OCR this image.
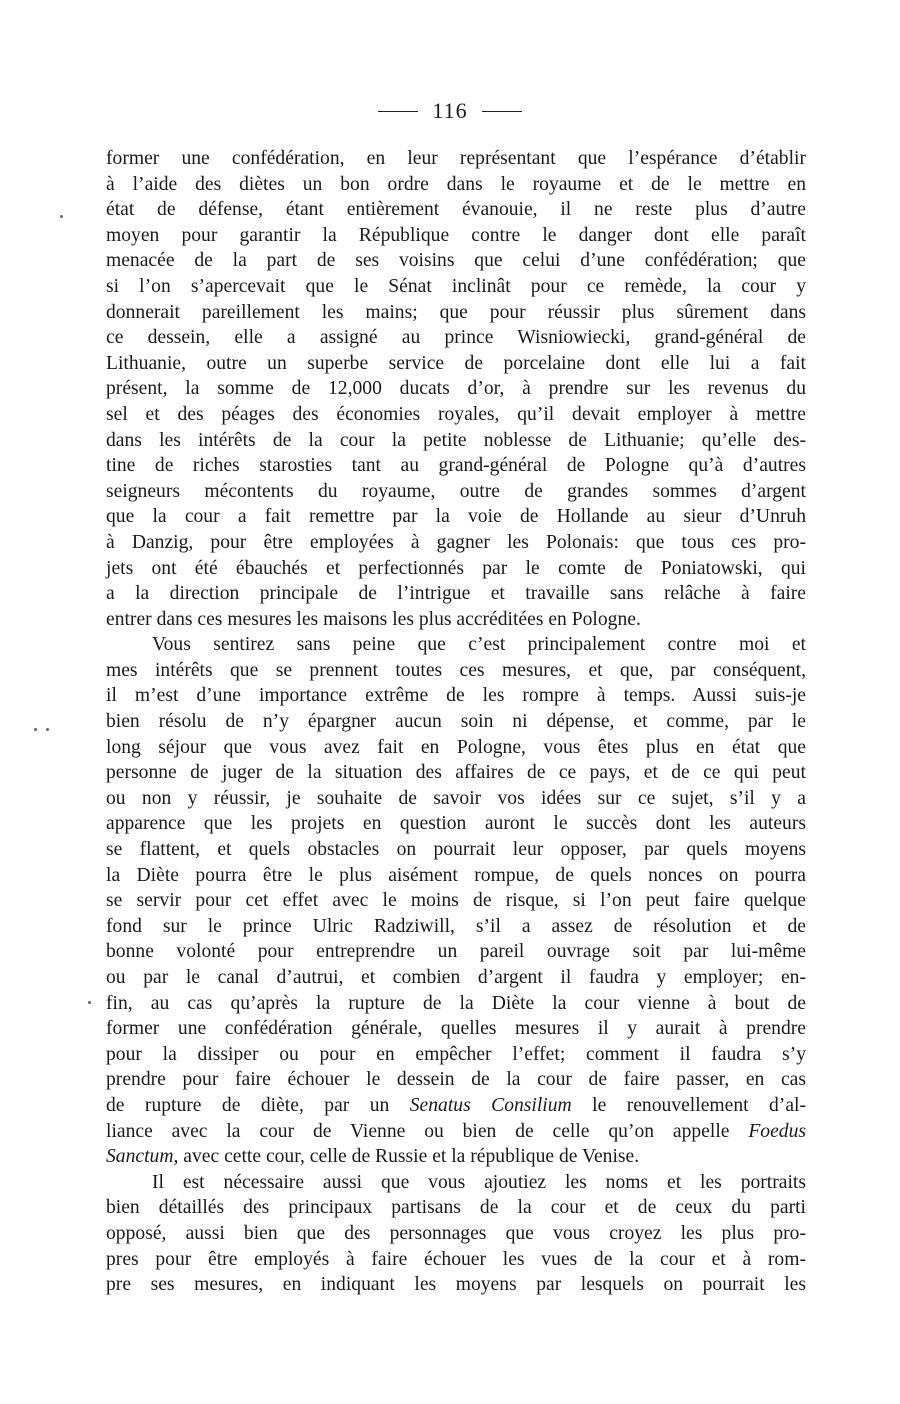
116
former une confédération, en leur représentant que l’espérance d’établir
à l’aide des diètes un bon ordre dans le royaume et de le mettre en
état de défense, étant entièrement évanouie, il ne reste plus d’autre
moyen pour garantir la République contre le danger dont elle paraît
menacée de la part de ses voisins que celui d’une confédération; que
si l’on s’apercevait que le Sénat inclinât pour ce remède, la cour y
donnerait pareillement les mains; que pour réussir plus sûrement dans
ce dessein, elle a assigné au prince Wisniowiecki, grand-général de
Lithuanie, outre un superbe service de porcelaine dont elle lui a fait
présent, la somme de 12,000 ducats d’or, à prendre sur les revenus du
sel et des péages des économies royales, qu’il devait employer à mettre
dans les intérêts de la cour la petite noblesse de Lithuanie; qu’elle des-
tine de riches starosties tant au grand-général de Pologne qu’à d’autres
seigneurs mécontents du royaume, outre de grandes sommes d’argent
que la cour a fait remettre par la voie de Hollande au sieur d’Unruh
à Danzig, pour être employées à gagner les Polonais: que tous ces pro-
jets ont été ébauchés et perfectionnés par le comte de Poniatowski, qui
a la direction principale de l’intrigue et travaille sans relâche à faire
entrer dans ces mesures les maisons les plus accréditées en Pologne.
Vous sentirez sans peine que c’est principalement contre moi et
mes intérêts que se prennent toutes ces mesures, et que, par conséquent,
il m’est d’une importance extrême de les rompre à temps. Aussi suis-je
bien résolu de n’y épargner aucun soin ni dépense, et comme, par le
long séjour que vous avez fait en Pologne, vous êtes plus en état que
personne de juger de la situation des affaires de ce pays, et de ce qui peut
ou non y réussir, je souhaite de savoir vos idées sur ce sujet, s’il y a
apparence que les projets en question auront le succès dont les auteurs
se flattent, et quels obstacles on pourrait leur opposer, par quels moyens
la Diète pourra être le plus aisément rompue, de quels nonces on pourra
se servir pour cet effet avec le moins de risque, si l’on peut faire quelque
fond sur le prince Ulric Radziwill, s’il a assez de résolution et de
bonne volonté pour entreprendre un pareil ouvrage soit par lui-même
ou par le canal d’autrui, et combien d’argent il faudra y employer; en-
fin, au cas qu’après la rupture de la Diète la cour vienne à bout de
former une confédération générale, quelles mesures il y aurait à prendre
pour la dissiper ou pour en empêcher l’effet; comment il faudra s’y
prendre pour faire échouer le dessein de la cour de faire passer, en cas
de rupture de diète, par un Senatus Consilium le renouvellement d’al-
liance avec la cour de Vienne ou bien de celle qu’on appelle Foedus
Sanctum, avec cette cour, celle de Russie et la république de Venise.
Il est nécessaire aussi que vous ajoutiez les noms et les portraits
bien détaillés des principaux partisans de la cour et de ceux du parti
opposé, aussi bien que des personnages que vous croyez les plus pro-
pres pour être employés à faire échouer les vues de la cour et à rom-
pre ses mesures, en indiquant les moyens par lesquels on pourrait les
